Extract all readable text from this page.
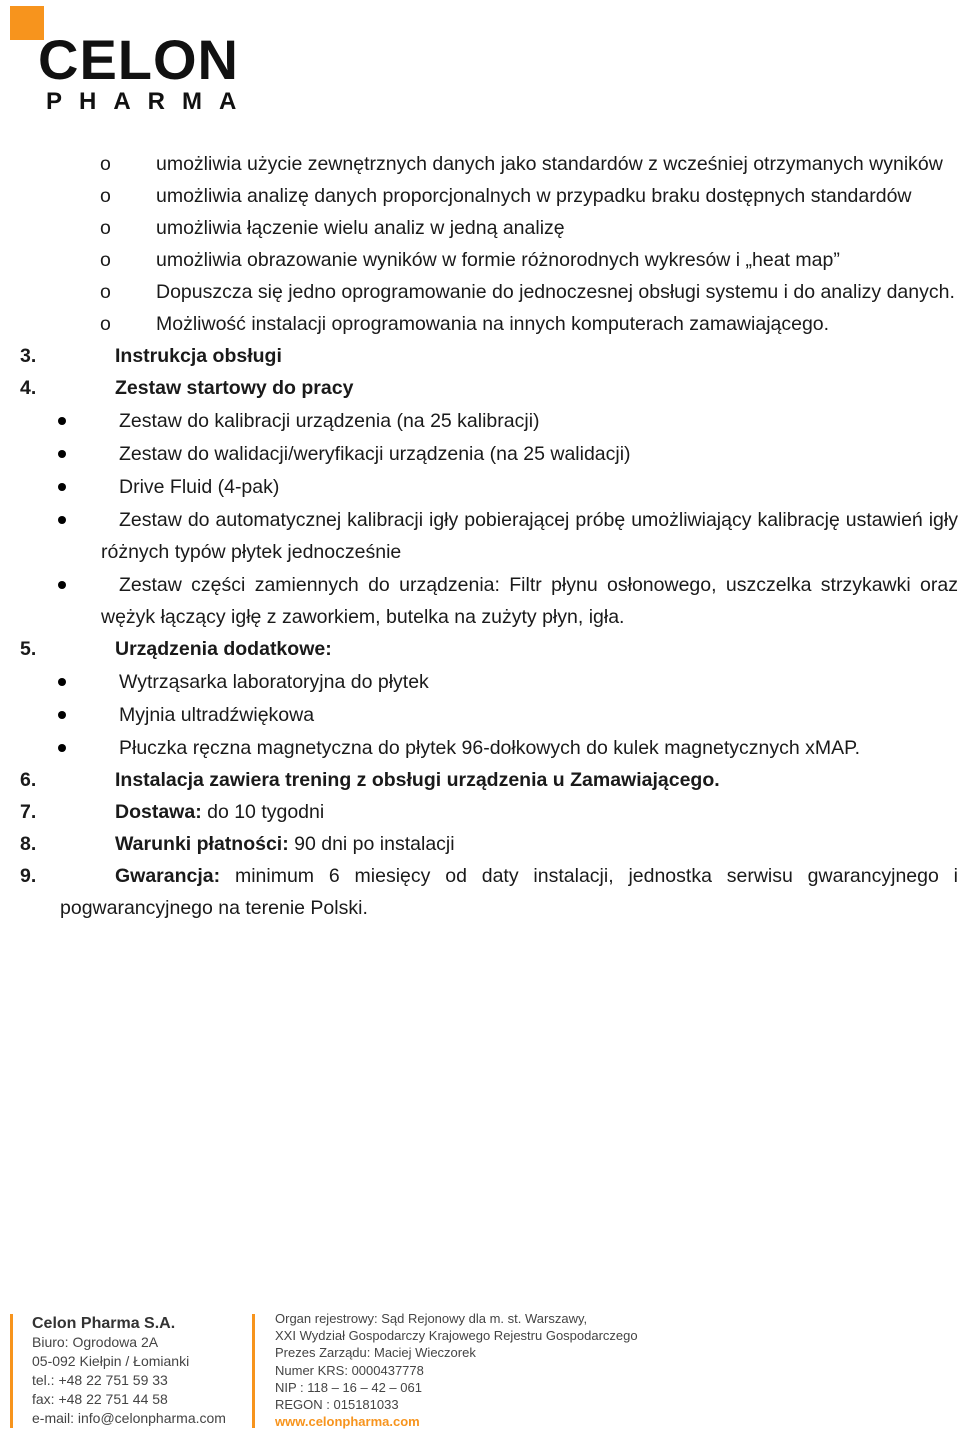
CELON
PHARMA
o	umożliwia użycie zewnętrznych danych jako standardów z wcześniej otrzymanych wyników
o	umożliwia analizę danych proporcjonalnych w przypadku braku dostępnych standardów
o	umożliwia łączenie wielu analiz w jedną analizę
o	umożliwia obrazowanie wyników w formie różnorodnych wykresów i „heat map”
o	Dopuszcza się jedno oprogramowanie do jednoczesnej obsługi systemu i do analizy danych.
o	Możliwość instalacji oprogramowania na innych komputerach zamawiającego.
3.	Instrukcja obsługi
4.	Zestaw startowy do pracy
Zestaw do kalibracji urządzenia (na 25 kalibracji)
Zestaw do walidacji/weryfikacji urządzenia (na 25 walidacji)
Drive Fluid (4-pak)
Zestaw do automatycznej kalibracji igły pobierającej próbę umożliwiający kalibrację ustawień igły różnych typów płytek jednocześnie
Zestaw części zamiennych do urządzenia: Filtr płynu osłonowego, uszczelka strzykawki oraz wężyk łączący igłę z zaworkiem, butelka na zużyty płyn, igła.
5.	Urządzenia dodatkowe:
Wytrząsarka laboratoryjna do płytek
Myjnia ultradźwiękowa
Płuczka ręczna magnetyczna do płytek 96-dołkowych do kulek magnetycznych xMAP.
6.	Instalacja zawiera trening z obsługi urządzenia u Zamawiającego.
7.	Dostawa: do 10 tygodni
8.	Warunki płatności: 90 dni po instalacji
9.	Gwarancja: minimum 6 miesięcy od daty instalacji, jednostka serwisu gwarancyjnego i pogwarancyjnego na terenie Polski.
Celon Pharma S.A.
Biuro: Ogrodowa 2A
05-092 Kiełpin / Łomianki
tel.: +48 22 751 59 33
fax: +48 22 751 44 58
e-mail: info@celonpharma.com
Organ rejestrowy: Sąd Rejonowy dla m. st. Warszawy,
XXI Wydział Gospodarczy Krajowego Rejestru Gospodarczego
Prezes Zarządu: Maciej Wieczorek
Numer KRS: 0000437778
NIP : 118 – 16 – 42 – 061
REGON : 015181033
www.celonpharma.com
